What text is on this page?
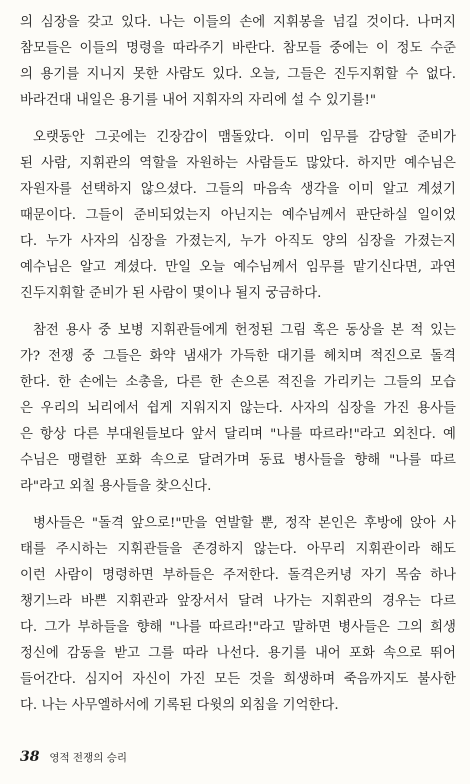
의 심장을 갖고 있다. 나는 이들의 손에 지휘봉을 넘길 것이다. 나머지
참모들은 이들의 명령을 따라주기 바란다. 참모들 중에는 이 정도 수준
의 용기를 지니지 못한 사람도 있다. 오늘, 그들은 진두지휘할 수 없다.
바라건대 내일은 용기를 내어 지휘자의 자리에 설 수 있기를!"

오랫동안 그곳에는 긴장감이 맴돌았다. 이미 임무를 감당할 준비가
된 사람, 지휘관의 역할을 자원하는 사람들도 많았다. 하지만 예수님은
자원자를 선택하지 않으셨다. 그들의 마음속 생각을 이미 알고 계셨기
때문이다. 그들이 준비되었는지 아닌지는 예수님께서 판단하실 일이었
다. 누가 사자의 심장을 가졌는지, 누가 아직도 양의 심장을 가졌는지
예수님은 알고 계셨다. 만일 오늘 예수님께서 임무를 맡기신다면, 과연
진두지휘할 준비가 된 사람이 몇이나 될지 궁금하다.

참전 용사 중 보병 지휘관들에게 헌정된 그림 혹은 동상을 본 적 있는
가? 전쟁 중 그들은 화약 냄새가 가득한 대기를 헤치며 적진으로 돌격
한다. 한 손에는 소총을, 다른 한 손으론 적진을 가리키는 그들의 모습
은 우리의 뇌리에서 쉽게 지워지지 않는다. 사자의 심장을 가진 용사들
은 항상 다른 부대원들보다 앞서 달리며 "나를 따르라!"라고 외친다. 예
수님은 맹렬한 포화 속으로 달려가며 동료 병사들을 향해 "나를 따르
라"라고 외칠 용사들을 찾으신다.

병사들은 "돌격 앞으로!"만을 연발할 뿐, 정작 본인은 후방에 앉아 사
태를 주시하는 지휘관들을 존경하지 않는다. 아무리 지휘관이라 해도
이런 사람이 명령하면 부하들은 주저한다. 돌격은커녕 자기 목숨 하나
챙기느라 바쁜 지휘관과 앞장서서 달려 나가는 지휘관의 경우는 다르
다. 그가 부하들을 향해 "나를 따르라!"라고 말하면 병사들은 그의 희생
정신에 감동을 받고 그를 따라 나선다. 용기를 내어 포화 속으로 뛰어
들어간다. 심지어 자신이 가진 모든 것을 희생하며 죽음까지도 불사한
다. 나는 사무엘하서에 기록된 다윗의 외침을 기억한다.

38 영적 전쟁의 승리
